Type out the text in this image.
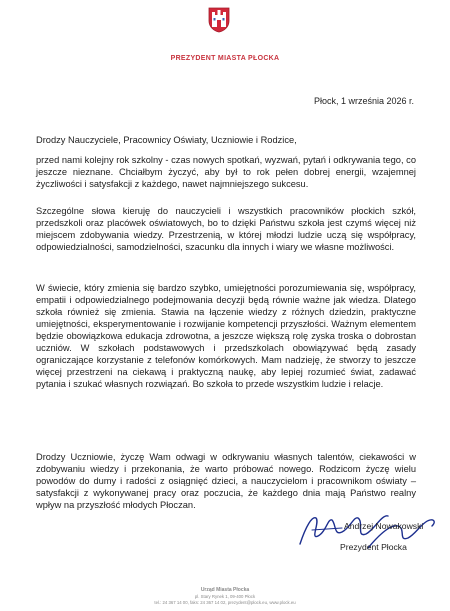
PREZYDENT MIASTA PŁOCKA
Płock, 1 września 2026 r.
Drodzy Nauczyciele, Pracownicy Oświaty, Uczniowie i Rodzice,

przed nami kolejny rok szkolny - czas nowych spotkań, wyzwań, pytań i odkrywania tego, co jeszcze nieznane. Chciałbym życzyć, aby był to rok pełen dobrej energii, wzajemnej życzliwości i satysfakcji z każdego, nawet najmniejszego sukcesu.

Szczególne słowa kieruję do nauczycieli i wszystkich pracowników płockich szkół, przedszkoli oraz placówek oświatowych, bo to dzięki Państwu szkoła jest czymś więcej niż miejscem zdobywania wiedzy. Przestrzenią, w której młodzi ludzie uczą się współpracy, odpowiedzialności, samodzielności, szacunku dla innych i wiary we własne możliwości.

W świecie, który zmienia się bardzo szybko, umiejętności porozumiewania się, współpracy, empatii i odpowiedzialnego podejmowania decyzji będą równie ważne jak wiedza. Dlatego szkoła również się zmienia. Stawia na łączenie wiedzy z różnych dziedzin, praktyczne umiejętności, eksperymentowanie i rozwijanie kompetencji przyszłości. Ważnym elementem będzie obowiązkowa edukacja zdrowotna, a jeszcze większą rolę zyska troska o dobrostan uczniów. W szkołach podstawowych i przedszkolach obowiązywać będą zasady ograniczające korzystanie z telefonów komórkowych. Mam nadzieję, że stworzy to jeszcze więcej przestrzeni na ciekawą i praktyczną naukę, aby lepiej rozumieć świat, zadawać pytania i szukać własnych rozwiązań. Bo szkoła to przede wszystkim ludzie i relacje.

Drodzy Uczniowie, życzę Wam odwagi w odkrywaniu własnych talentów, ciekawości w zdobywaniu wiedzy i przekonania, że warto próbować nowego. Rodzicom życzę wielu powodów do dumy i radości z osiągnięć dzieci, a nauczycielom i pracownikom oświaty – satysfakcji z wykonywanej pracy oraz poczucia, że każdego dnia mają Państwo realny wpływ na przyszłość młodych Płoczan.

Andrzej Nowakowski
Prezydent Płocka
Urząd Miasta Płocka
pl. Stary Rynek 1, 09-400 Płock
tel.: 24 367 14 00, faks: 24 367 14 02, prezydent@plock.eu, www.plock.eu
